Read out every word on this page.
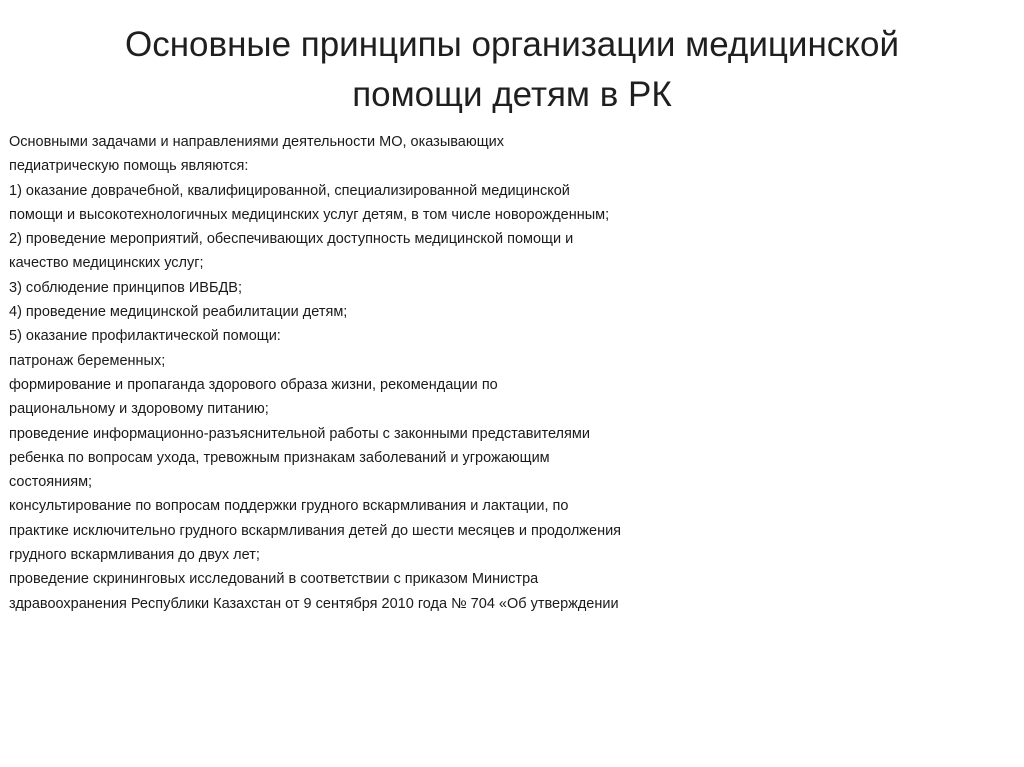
Основные принципы организации медицинской
помощи детям в РК
Основными задачами и направлениями деятельности МО, оказывающих
педиатрическую помощь являются:
1) оказание доврачебной, квалифицированной, специализированной медицинской
помощи и высокотехнологичных медицинских услуг детям, в том числе новорожденным;
2) проведение мероприятий, обеспечивающих доступность медицинской помощи и
качество медицинских услуг;
3) соблюдение принципов ИВБДВ;
4) проведение медицинской реабилитации детям;
5) оказание профилактической помощи:
патронаж беременных;
формирование и пропаганда здорового образа жизни, рекомендации по
рациональному и здоровому питанию;
проведение информационно-разъяснительной работы с законными представителями
ребенка по вопросам ухода, тревожным признакам заболеваний и угрожающим
состояниям;
консультирование по вопросам поддержки грудного вскармливания и лактации, по
практике исключительно грудного вскармливания детей до шести месяцев и продолжения
грудного вскармливания до двух лет;
проведение скрининговых исследований в соответствии с приказом Министра
здравоохранения Республики Казахстан от 9 сентября 2010 года № 704 «Об утверждении
